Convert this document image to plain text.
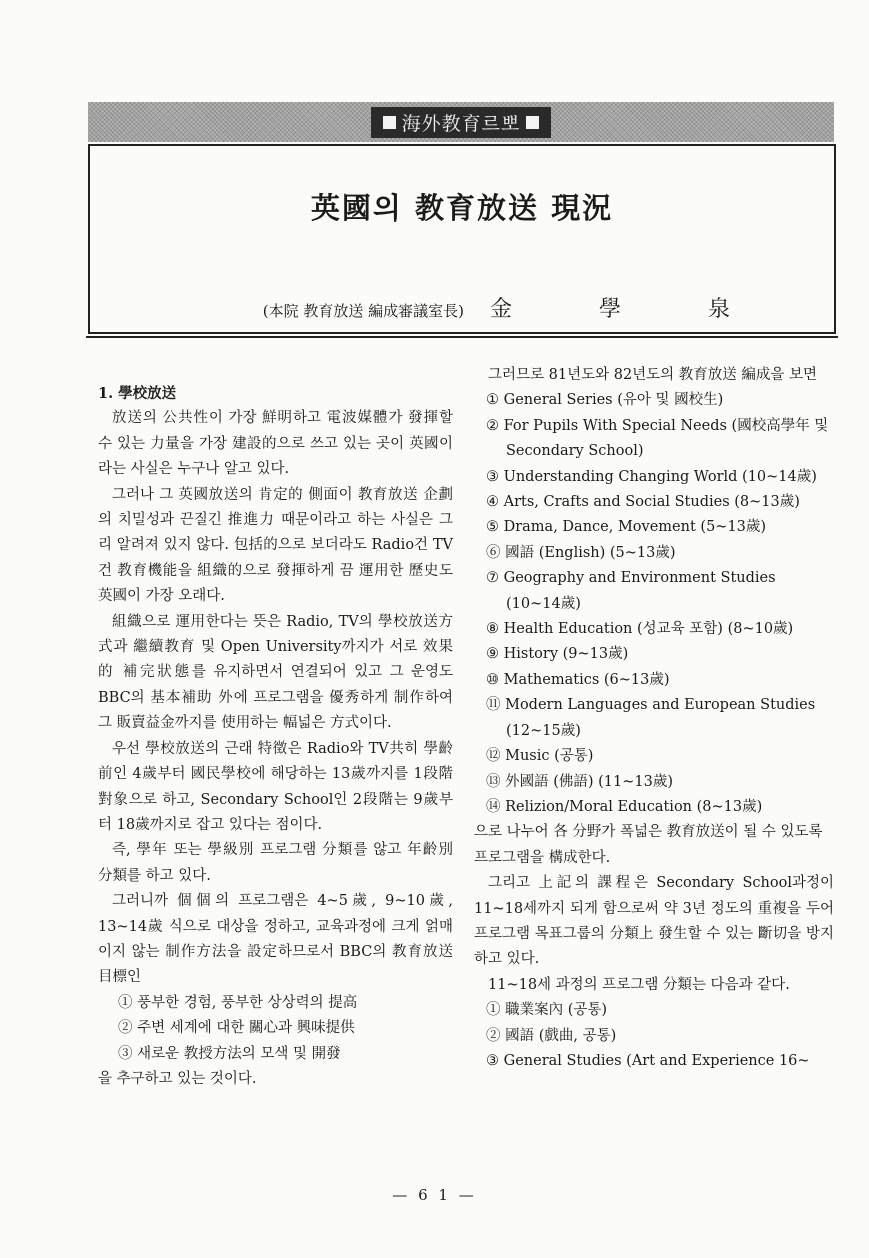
海外教育르뽀
英國의 教育放送 現況
(本院 教育放送 編成審議室長) 金 學 泉

1. 學校放送

放送의 公共性이 가장 鮮明하고 電波媒體가 發揮할 수 있는 力量을 가장 建設的으로 쓰고 있는 곳이 英國이라는 사실은 누구나 알고 있다.

그러나 그 英國放送의 肯定的 側面이 教育放送 企劃의 치밀성과 끈질긴 推進力 때문이라고 하는 사실은 그리 알려져 있지 않다. 包括的으로 보더라도 Radio건 TV건 教育機能을 組織的으로 發揮하게 끔 運用한 歷史도 英國이 가장 오래다.

組織으로 運用한다는 뜻은 Radio, TV의 學校放送方式과 繼續教育 및 Open University까지가 서로 效果的 補完狀態를 유지하면서 연결되어 있고 그 운영도 BBC의 基本補助 外에 프로그램을 優秀하게 制作하여 그 販賣益金까지를 使用하는 幅넓은 方式이다.

우선 學校放送의 근래 特徵은 Radio와 TV共히 學齡 前인 4歲부터 國民學校에 해당하는 13歲까지를 1段階 對象으로 하고, Secondary School인 2段階는 9歲부터 18歲까지로 잡고 있다는 점이다.

즉, 學年 또는 學級別 프로그램 分類를 않고 年齡別 分類를 하고 있다.

그러니까 個個의 프로그램은 4~5歲, 9~10歲, 13~14歲 식으로 대상을 정하고, 교육과정에 크게 얽매이지 않는 制作方法을 設定하므로서 BBC의 教育放送 目標인

① 풍부한 경험, 풍부한 상상력의 提高

② 주변 세계에 대한 關心과 興味提供

③ 새로운 教授方法의 모색 및 開發

을 추구하고 있는 것이다.

그러므로 81년도와 82년도의 教育放送 編成을 보면

① General Series (유아 및 國校生)

② For Pupils With Special Needs (國校高學年 및 Secondary School)

③ Understanding Changing World (10~14歲)

④ Arts, Crafts and Social Studies (8~13歲)

⑤ Drama, Dance, Movement (5~13歲)

⑥ 國語 (English) (5~13歲)

⑦ Geography and Environment Studies (10~14歲)

⑧ Health Education (성교육 포함) (8~10歲)

⑨ History (9~13歲)

⑩ Mathematics (6~13歲)

⑪ Modern Languages and European Studies (12~15歲)

⑫ Music (공통)

⑬ 外國語 (佛語) (11~13歲)

⑭ Relizion/Moral Education (8~13歲)

으로 나누어 各 分野가 폭넓은 教育放送이 될 수 있도록 프로그램을 構成한다.

그리고 上記의 課程은 Secondary School과정이 11~18세까지 되게 함으로써 약 3년 정도의 重複을 두어 프로그램 목표그룹의 分類上 發生할 수 있는 斷切을 방지하고 있다.

11~18세 과정의 프로그램 分類는 다음과 같다.

① 職業案內 (공통)

② 國語 (戲曲, 공통)

③ General Studies (Art and Experience 16~

— 6 1 —
